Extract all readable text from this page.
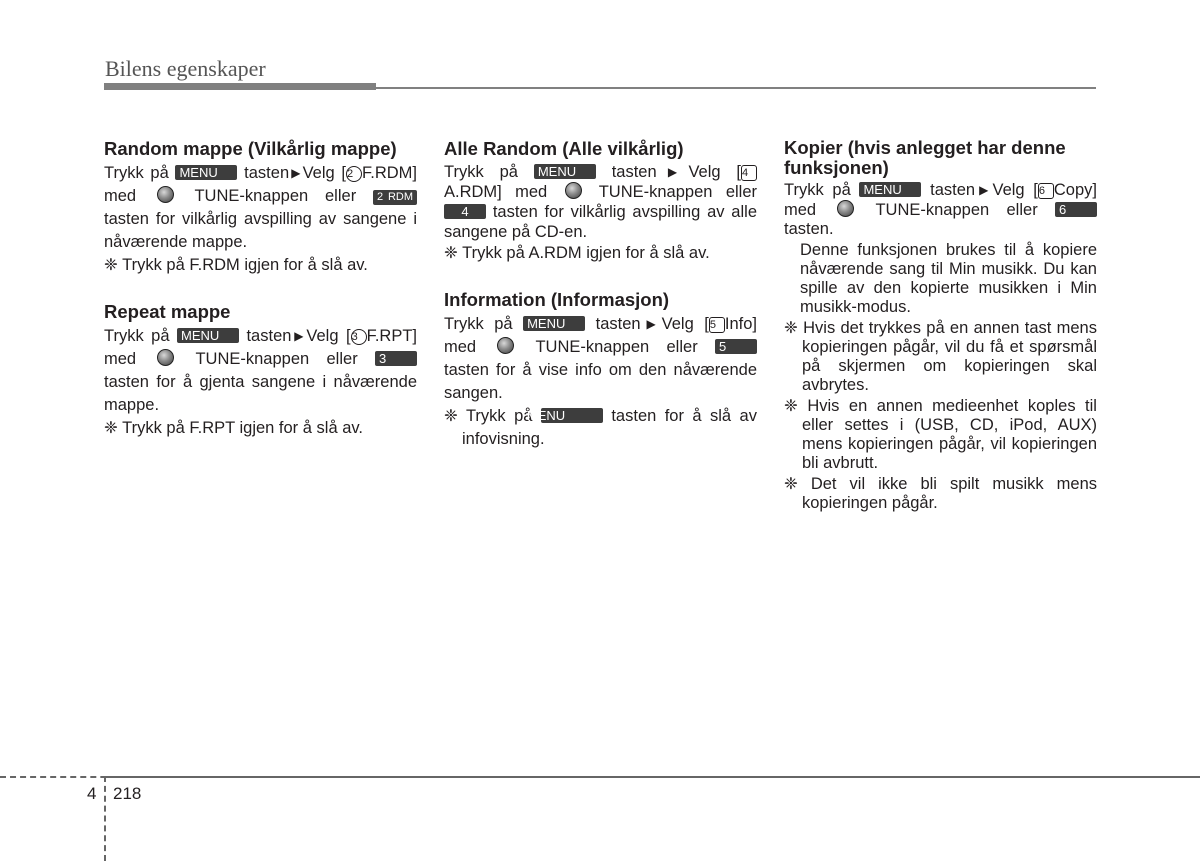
Bilens egenskaper
Random mappe (Vilkårlig mappe)
Trykk på MENU tasten▶Velg [2 F.RDM]
med	TUNE-knappen eller 2 RDM

tasten for vilkårlig avspilling av sangene i nåværende mappe.

❈ Trykk på F.RDM igjen for å slå av.

Repeat mappe
Trykk på MENU tasten▶Velg [3 F.RPT]
med	TUNE-knappen eller 3

tasten for å gjenta sangene i nåværende mappe.

❈ Trykk på F.RPT igjen for å slå av.

Alle Random (Alle vilkårlig)
Trykk på MENU tasten▶Velg [4
A.RDM] med	TUNE-knappen eller

4 tasten for vilkårlig avspilling av alle sangene på CD-en.

❈ Trykk på A.RDM igjen for å slå av.

Information (Informasjon)
Trykk på MENU tasten▶Velg [5 Info]
med	TUNE-knappen eller 5

tasten for å vise info om den nåværende sangen.

❈ Trykk på MENU	tasten for å slå av infovisning.

Kopier (hvis anlegget har denne funksjonen)
Trykk på MENU tasten▶Velg [6 Copy]
med	TUNE-knappen eller 6

tasten.

Denne funksjonen brukes til å kopiere nåværende sang til Min musikk. Du kan spille av den kopierte musikken i Min musikk-modus.

❈ Hvis det trykkes på en annen tast mens kopieringen pågår, vil du få et spørsmål på skjermen om kopieringen skal avbrytes.

❈ Hvis en annen medieenhet koples til eller settes i (USB, CD, iPod, AUX) mens kopieringen pågår, vil kopieringen bli avbrutt.

❈ Det vil ikke bli spilt musikk mens kopieringen pågår.

4 218
